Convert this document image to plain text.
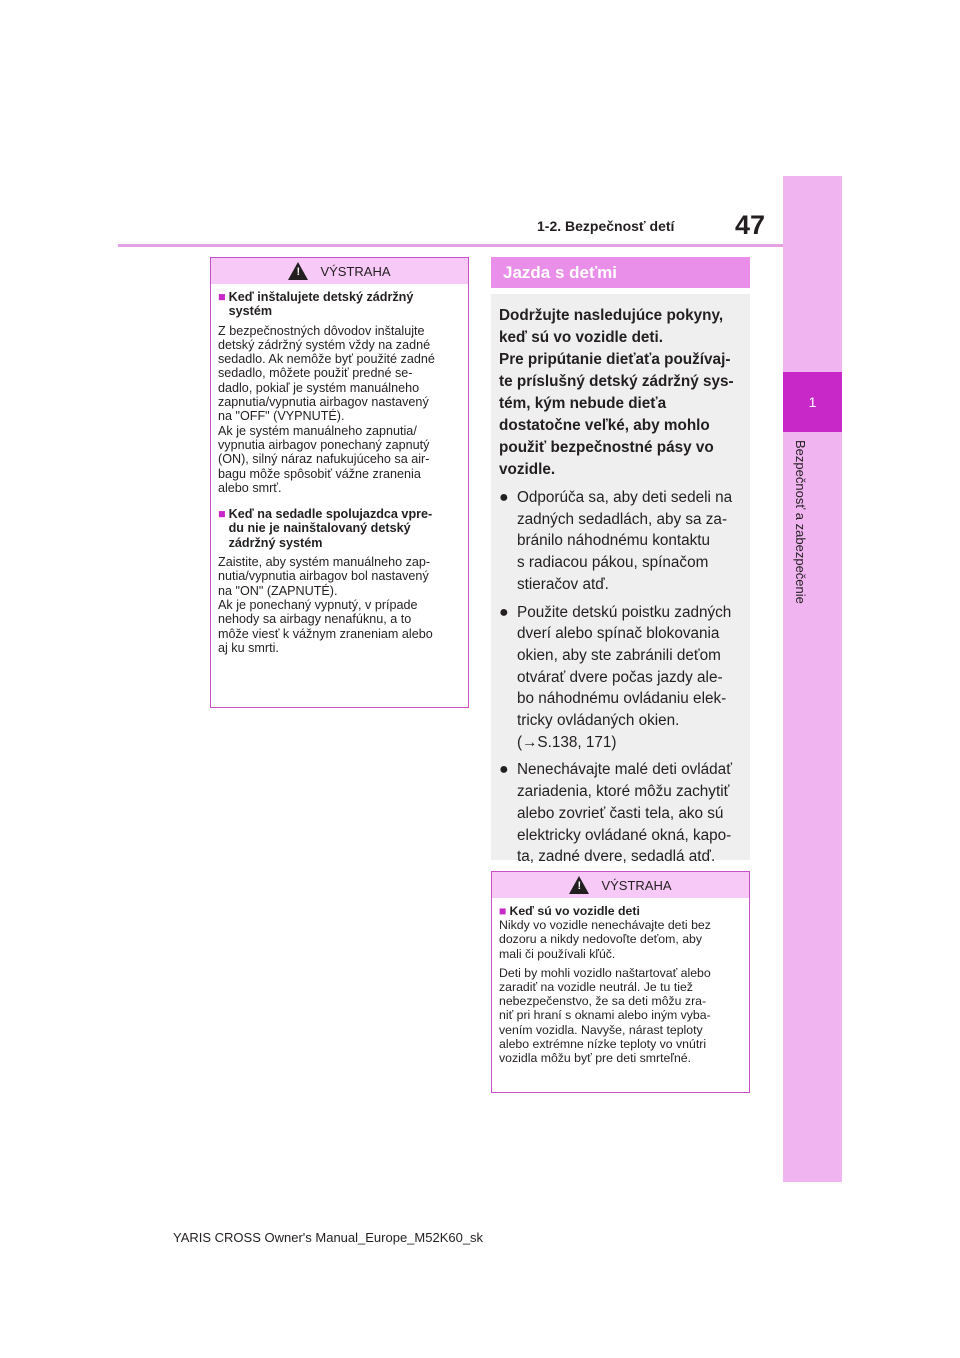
47
1-2. Bezpečnosť detí
1
Bezpečnosť a zabezpečenie
! VÝSTRAHA

■ Keď inštalujete detský zádržný
systém

Z bezpečnostných dôvodov inštalujte
detský zádržný systém vždy na zadné
sedadlo. Ak nemôže byť použité zadné
sedadlo, môžete použiť predné se-
dadlo, pokiaľ je systém manuálneho
zapnutia/vypnutia airbagov nastavený
na "OFF" (VYPNUTÉ).
Ak je systém manuálneho zapnutia/
vypnutia airbagov ponechaný zapnutý
(ON), silný náraz nafukujúceho sa air-
bagu môže spôsobiť vážne zranenia
alebo smrť.

■ Keď na sedadle spolujazdca vpre-
du nie je nainštalovaný detský
zádržný systém

Zaistite, aby systém manuálneho zap-
nutia/vypnutia airbagov bol nastavený
na "ON" (ZAPNUTÉ).
Ak je ponechaný vypnutý, v prípade
nehody sa airbagy nenafúknu, a to
môže viesť k vážnym zraneniam alebo
aj ku smrti.

Jazda s deťmi

Dodržujte nasledujúce pokyny,
keď sú vo vozidle deti.
Pre pripútanie dieťaťa používaj-
te príslušný detský zádržný sys-
tém, kým nebude dieťa
dostatočne veľké, aby mohlo
použiť bezpečnostné pásy vo
vozidle.

● Odporúča sa, aby deti sedeli na
zadných sedadlách, aby sa za-
bránilo náhodnému kontaktu
s radiacou pákou, spínačom
stieračov atď.
● Použite detskú poistku zadných
dverí alebo spínač blokovania
okien, aby ste zabránili deťom
otvárať dvere počas jazdy ale-
bo náhodnému ovládaniu elek-
tricky ovládaných okien.
(→S.138, 171)
● Nenechávajte malé deti ovládať
zariadenia, ktoré môžu zachytiť
alebo zovrieť časti tela, ako sú
elektricky ovládané okná, kapo-
ta, zadné dvere, sedadlá atď.
! VÝSTRAHA

■ Keď sú vo vozidle deti

Nikdy vo vozidle nenechávajte deti bez
dozoru a nikdy nedovoľte deťom, aby
mali či používali kľúč.

Deti by mohli vozidlo naštartovať alebo
zaradiť na vozidle neutrál. Je tu tiež
nebezpečenstvo, že sa deti môžu zra-
niť pri hraní s oknami alebo iným vyba-
vením vozidla. Navyše, nárast teploty
alebo extrémne nízke teploty vo vnútri
vozidla môžu byť pre deti smrteľné.

YARIS CROSS Owner's Manual_Europe_M52K60_sk
